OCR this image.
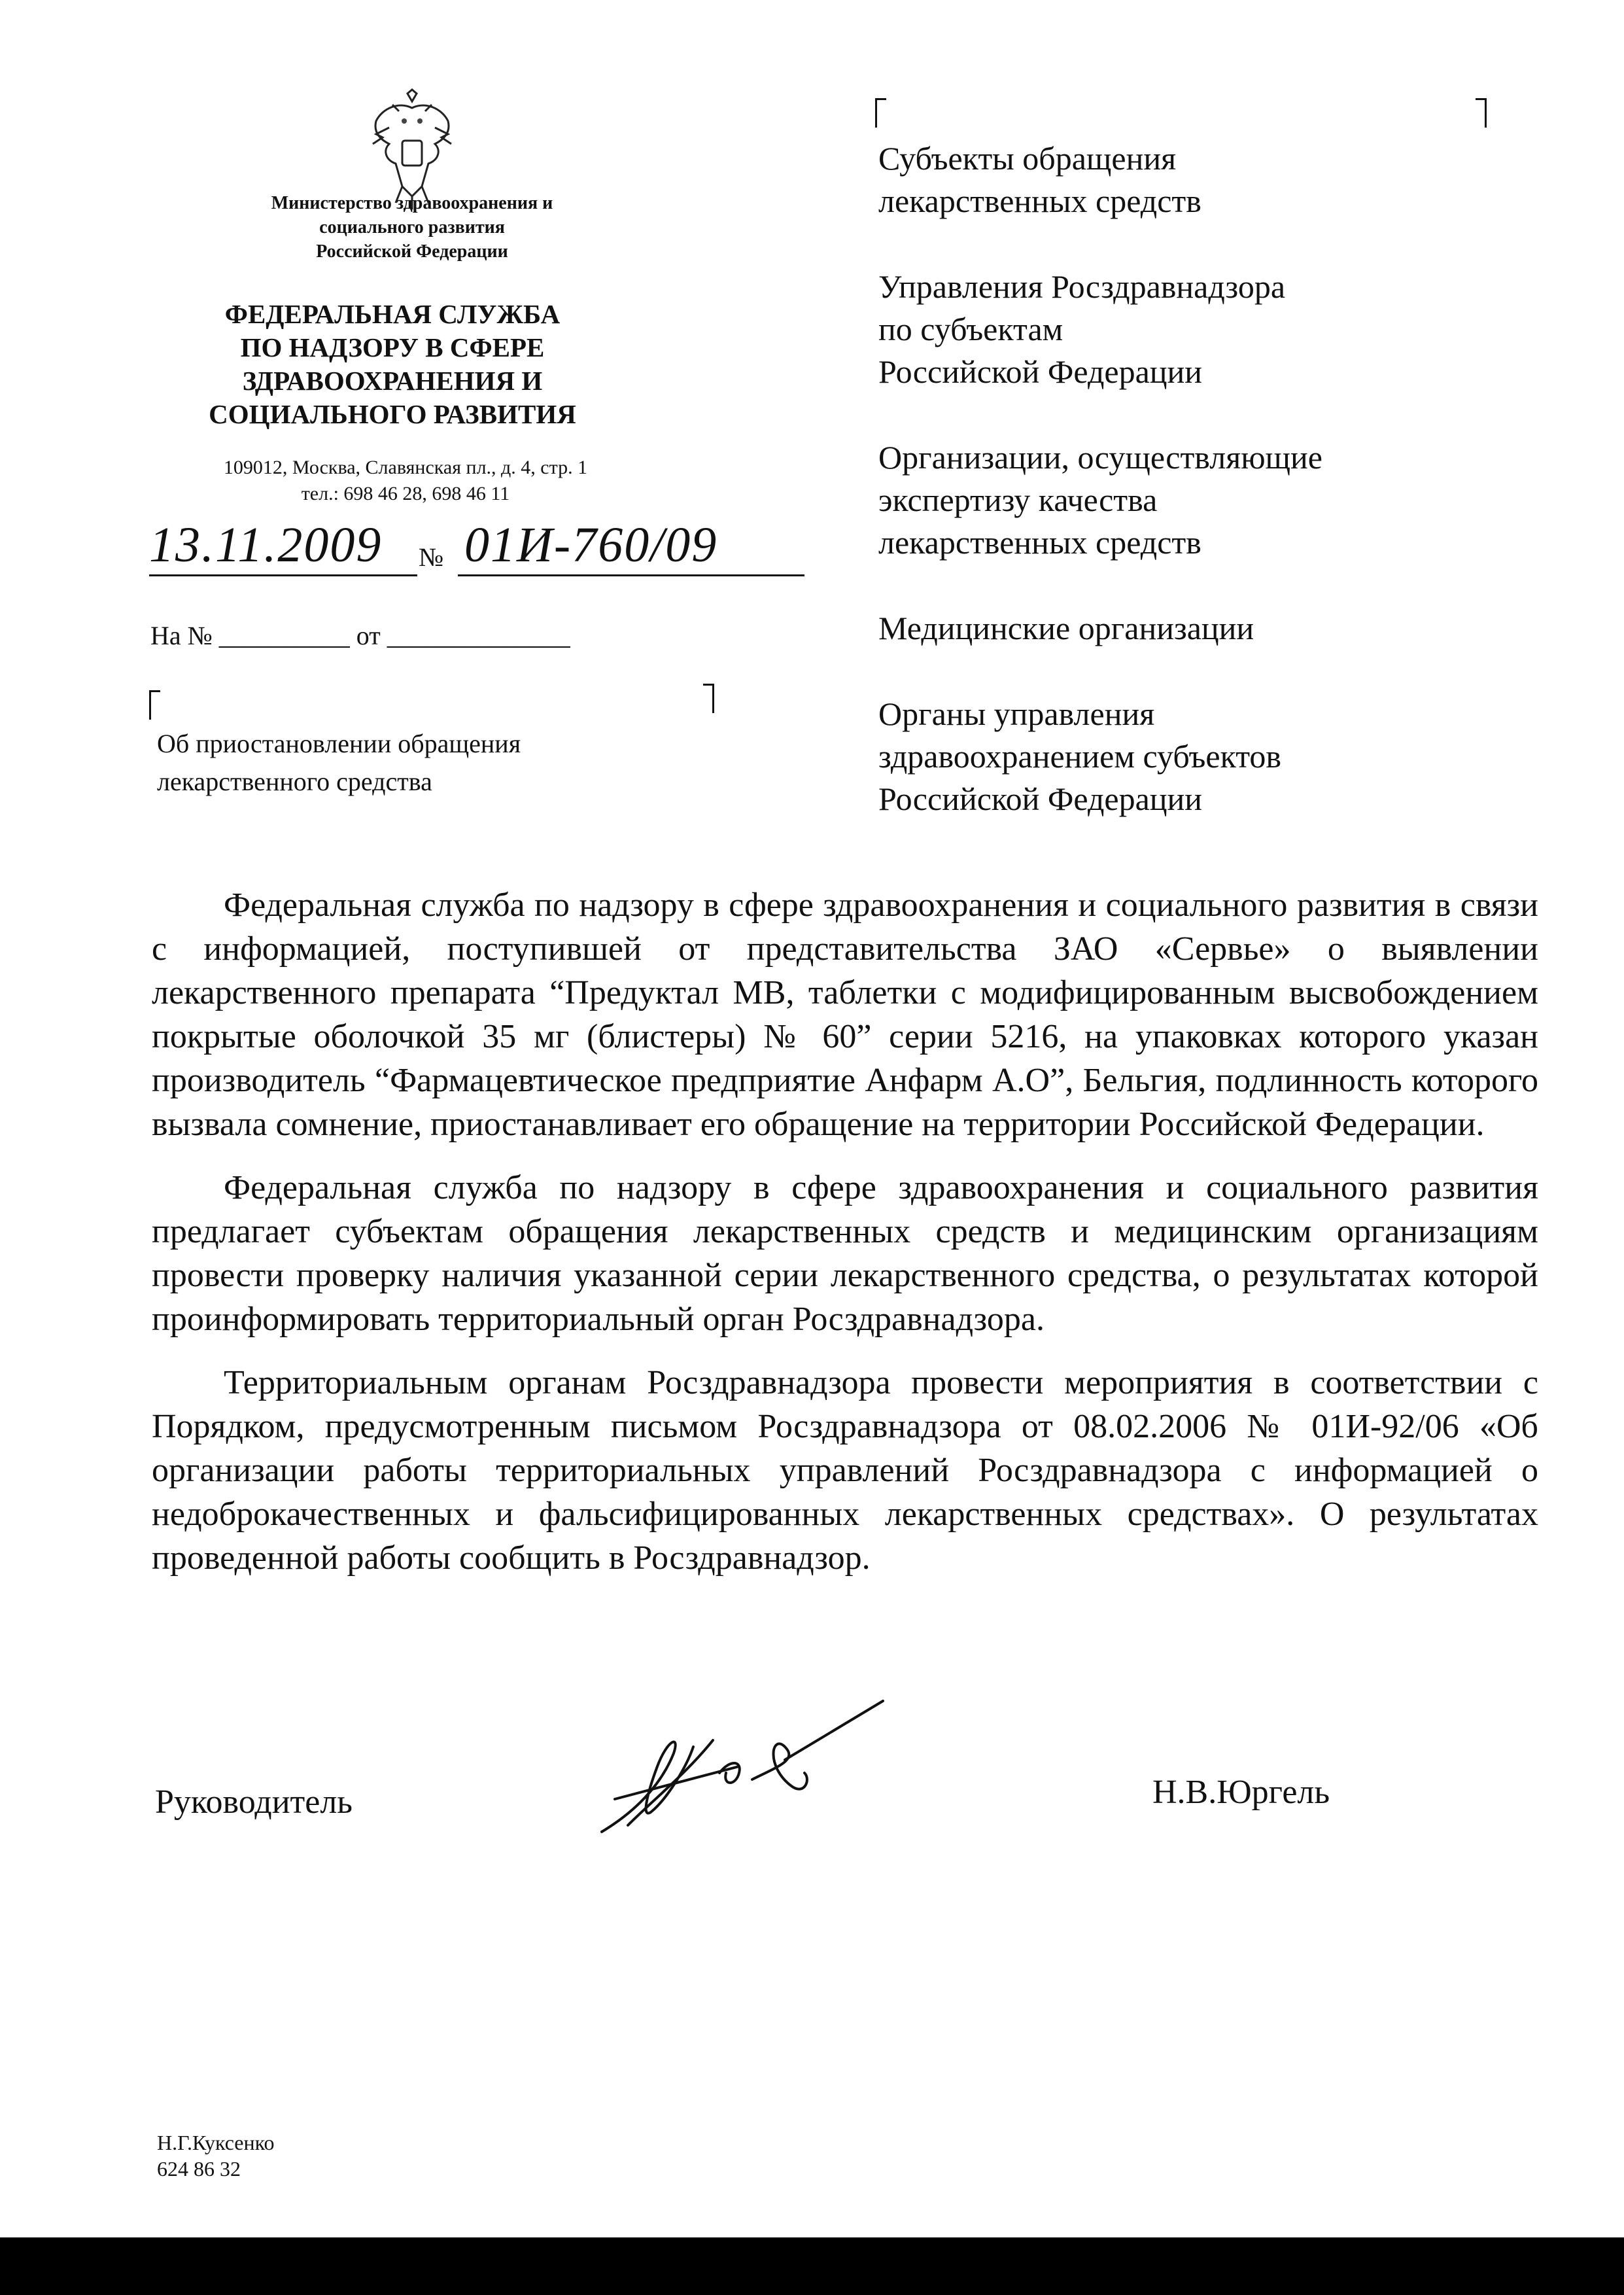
Министерство здравоохранения и
социального развития
Российской Федерации
ФЕДЕРАЛЬНАЯ СЛУЖБА
ПО НАДЗОРУ В СФЕРЕ
ЗДРАВООХРАНЕНИЯ И
СОЦИАЛЬНОГО РАЗВИТИЯ
109012, Москва, Славянская пл., д. 4, стр. 1
тел.: 698 46 28, 698 46 11
13.11.2009 № 01И-760/09
На № __________ от ______________
Об приостановлении обращения
лекарственного средства

Субъекты обращения
лекарственных средств

Управления Росздравнадзора
по субъектам
Российской Федерации

Организации, осуществляющие
экспертизу качества
лекарственных средств

Медицинские организации

Органы управления
здравоохранением субъектов
Российской Федерации

Федеральная служба по надзору в сфере здравоохранения и социального развития в связи с информацией, поступившей от представительства ЗАО «Сервье» о выявлении лекарственного препарата “Предуктал МВ, таблетки с модифицированным высвобождением покрытые оболочкой 35 мг (блистеры) № 60” серии 5216, на упаковках которого указан производитель “Фармацевтическое предприятие Анфарм А.О”, Бельгия, подлинность которого вызвала сомнение, приостанавливает его обращение на территории Российской Федерации.

Федеральная служба по надзору в сфере здравоохранения и социального развития предлагает субъектам обращения лекарственных средств и медицинским организациям провести проверку наличия указанной серии лекарственного средства, о результатах которой проинформировать территориальный орган Росздравнадзора.

Территориальным органам Росздравнадзора провести мероприятия в соответствии с Порядком, предусмотренным письмом Росздравнадзора от 08.02.2006 № 01И-92/06 «Об организации работы территориальных управлений Росздравнадзора с информацией о недоброкачественных и фальсифицированных лекарственных средствах». О результатах проведенной работы сообщить в Росздравнадзор.

Руководитель	Н.В.Юргель
Н.Г.Куксенко
624 86 32
